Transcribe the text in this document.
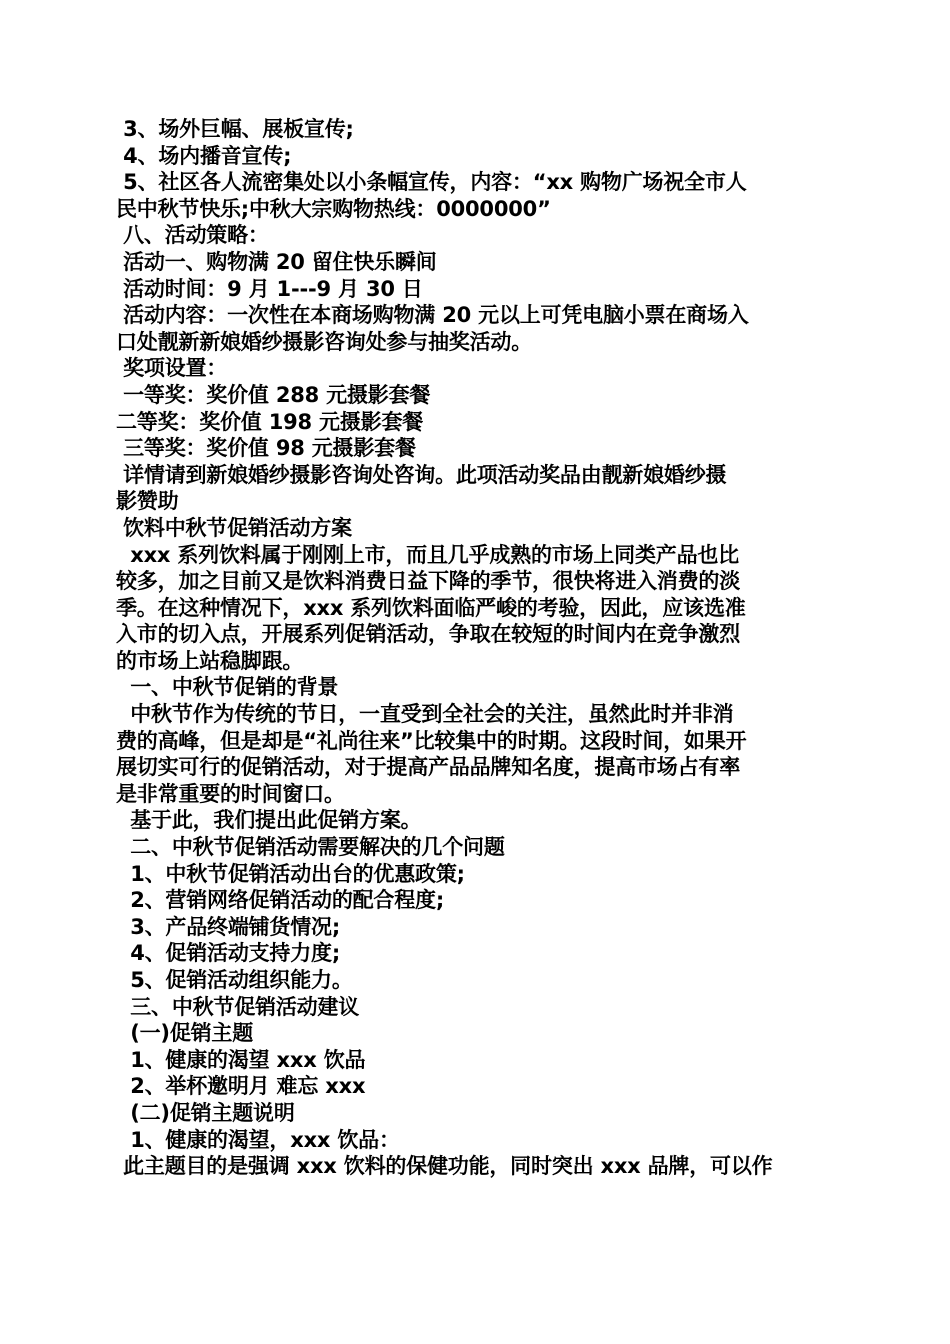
3、场外巨幅、展板宣传;
4、场内播音宣传;
5、社区各人流密集处以小条幅宣传，内容：“xx 购物广场祝全市人
民中秋节快乐;中秋大宗购物热线：0000000”
八、活动策略：
活动一、购物满 20 留住快乐瞬间
活动时间：9 月 1---9 月 30 日
活动内容：一次性在本商场购物满 20 元以上可凭电脑小票在商场入
口处靓新新娘婚纱摄影咨询处参与抽奖活动。
奖项设置：
一等奖：奖价值 288 元摄影套餐
二等奖：奖价值 198 元摄影套餐
三等奖：奖价值 98 元摄影套餐
详情请到新娘婚纱摄影咨询处咨询。此项活动奖品由靓新娘婚纱摄
影赞助
饮料中秋节促销活动方案
xxx 系列饮料属于刚刚上市，而且几乎成熟的市场上同类产品也比
较多，加之目前又是饮料消费日益下降的季节，很快将进入消费的淡
季。在这种情况下，xxx 系列饮料面临严峻的考验，因此，应该选准
入市的切入点，开展系列促销活动，争取在较短的时间内在竞争激烈
的市场上站稳脚跟。
一、中秋节促销的背景
中秋节作为传统的节日，一直受到全社会的关注，虽然此时并非消
费的高峰，但是却是“礼尚往来”比较集中的时期。这段时间，如果开
展切实可行的促销活动，对于提高产品品牌知名度，提高市场占有率
是非常重要的时间窗口。
基于此，我们提出此促销方案。
二、中秋节促销活动需要解决的几个问题
1、中秋节促销活动出台的优惠政策;
2、营销网络促销活动的配合程度;
3、产品终端铺货情况;
4、促销活动支持力度;
5、促销活动组织能力。
三、中秋节促销活动建议
(一)促销主题
1、健康的渴望 xxx 饮品
2、举杯邀明月 难忘 xxx
(二)促销主题说明
1、健康的渴望，xxx 饮品：
此主题目的是强调 xxx 饮料的保健功能，同时突出 xxx 品牌，可以作
